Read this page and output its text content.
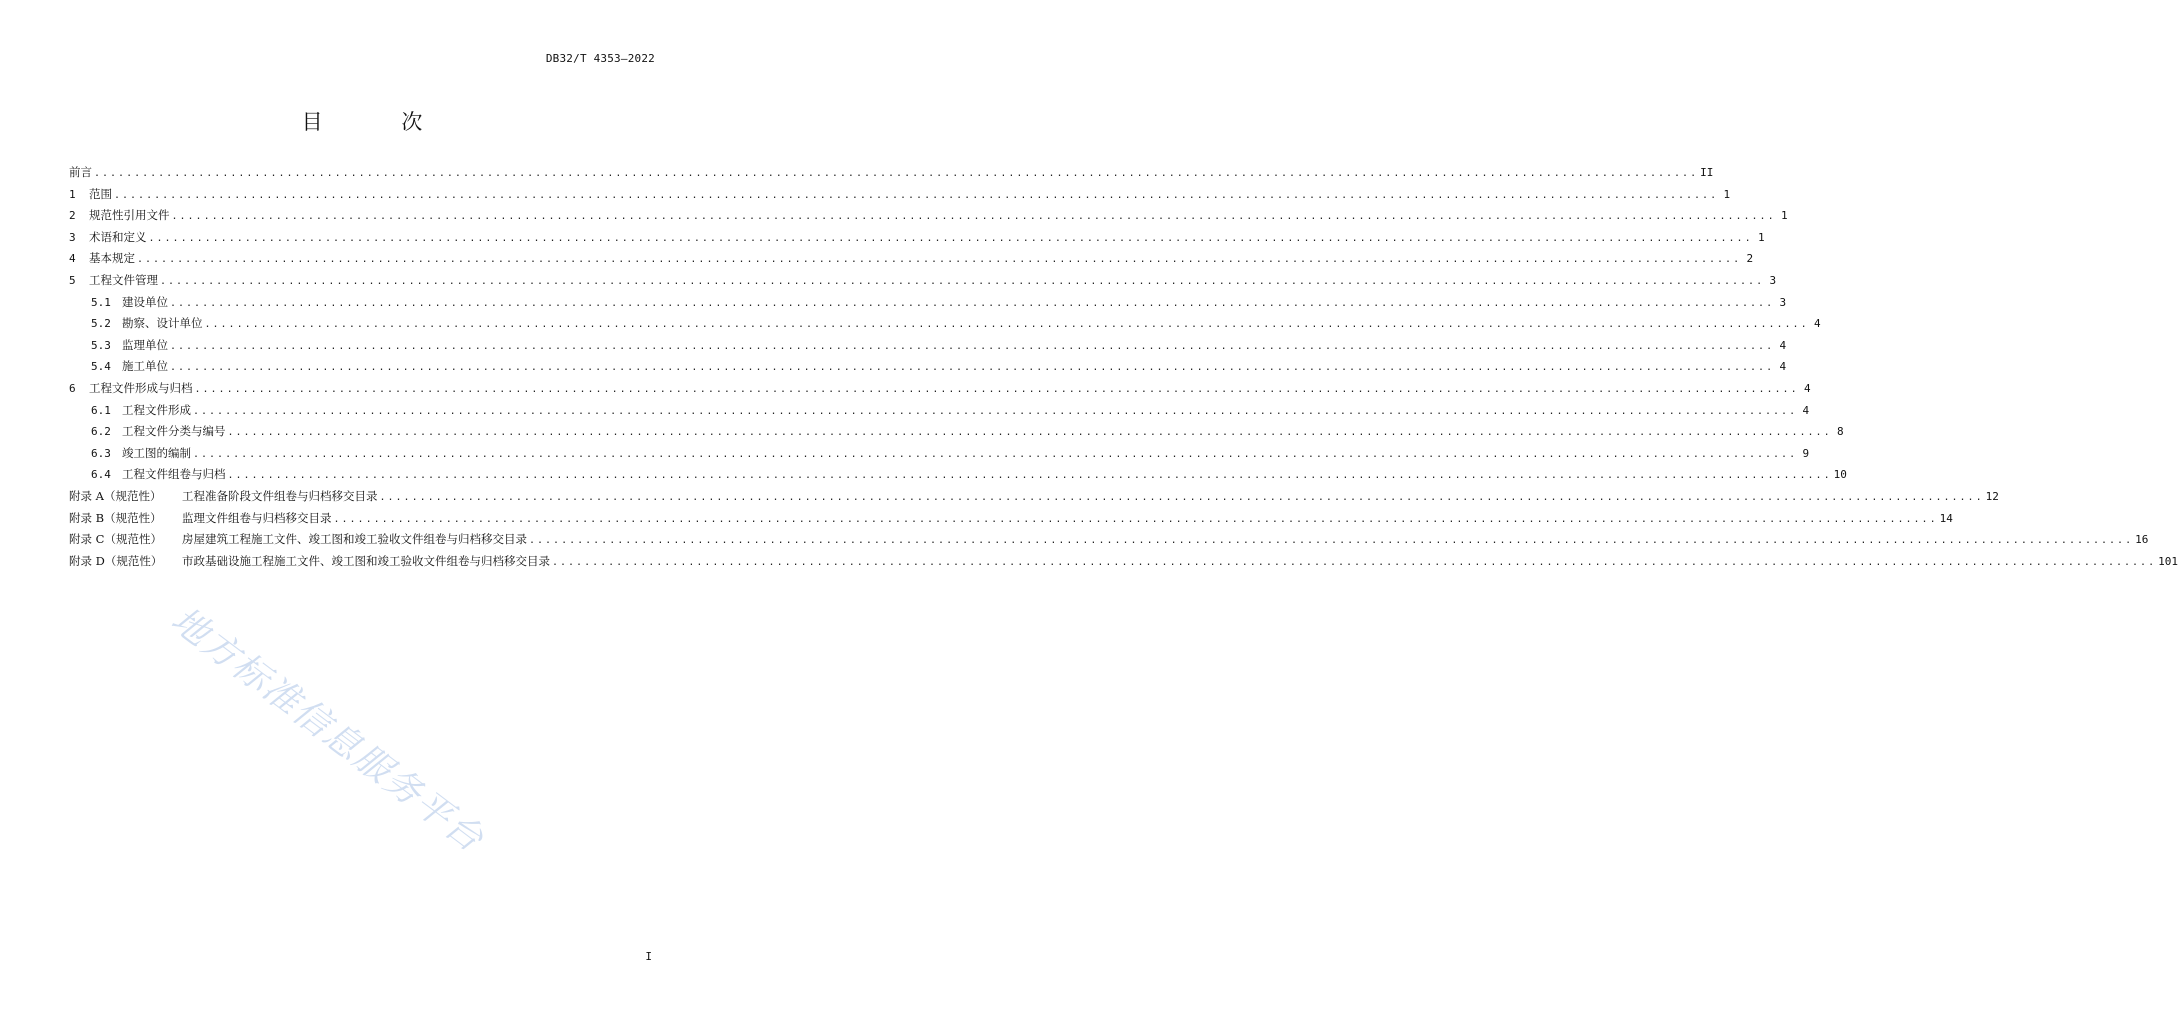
DB32/T 4353—2022
目 次
前言 ........................................................................................................................................................................................................ II
1	范围 ........................................................................................................................................................................................................ 1
2	规范性引用文件 ........................................................................................................................................................................................................ 1
3	术语和定义 ........................................................................................................................................................................................................ 1
4	基本规定 ........................................................................................................................................................................................................ 2
5	工程文件管理 ........................................................................................................................................................................................................ 3
5.1 建设单位 ........................................................................................................................................................................................................ 3
5.2 勘察、设计单位 ........................................................................................................................................................................................................ 4
5.3 监理单位 ........................................................................................................................................................................................................ 4
5.4 施工单位 ........................................................................................................................................................................................................ 4
6	工程文件形成与归档 ........................................................................................................................................................................................................ 4
6.1 工程文件形成 ........................................................................................................................................................................................................ 4
6.2 工程文件分类与编号 ........................................................................................................................................................................................................ 8
6.3 竣工图的编制 ........................................................................................................................................................................................................ 9
6.4 工程文件组卷与归档 ........................................................................................................................................................................................................ 10
附录 A（规范性）	工程准备阶段文件组卷与归档移交目录 ........................................................................................................................................................................................................ 12
附录 B（规范性）	监理文件组卷与归档移交目录 ........................................................................................................................................................................................................ 14
附录 C（规范性）	房屋建筑工程施工文件、竣工图和竣工验收文件组卷与归档移交目录 ........................................................................................................................................................................................................ 16
附录 D（规范性）	市政基础设施工程施工文件、竣工图和竣工验收文件组卷与归档移交目录 ........................................................................................................................................................................................................ 101
地方标准信息服务平台
I
